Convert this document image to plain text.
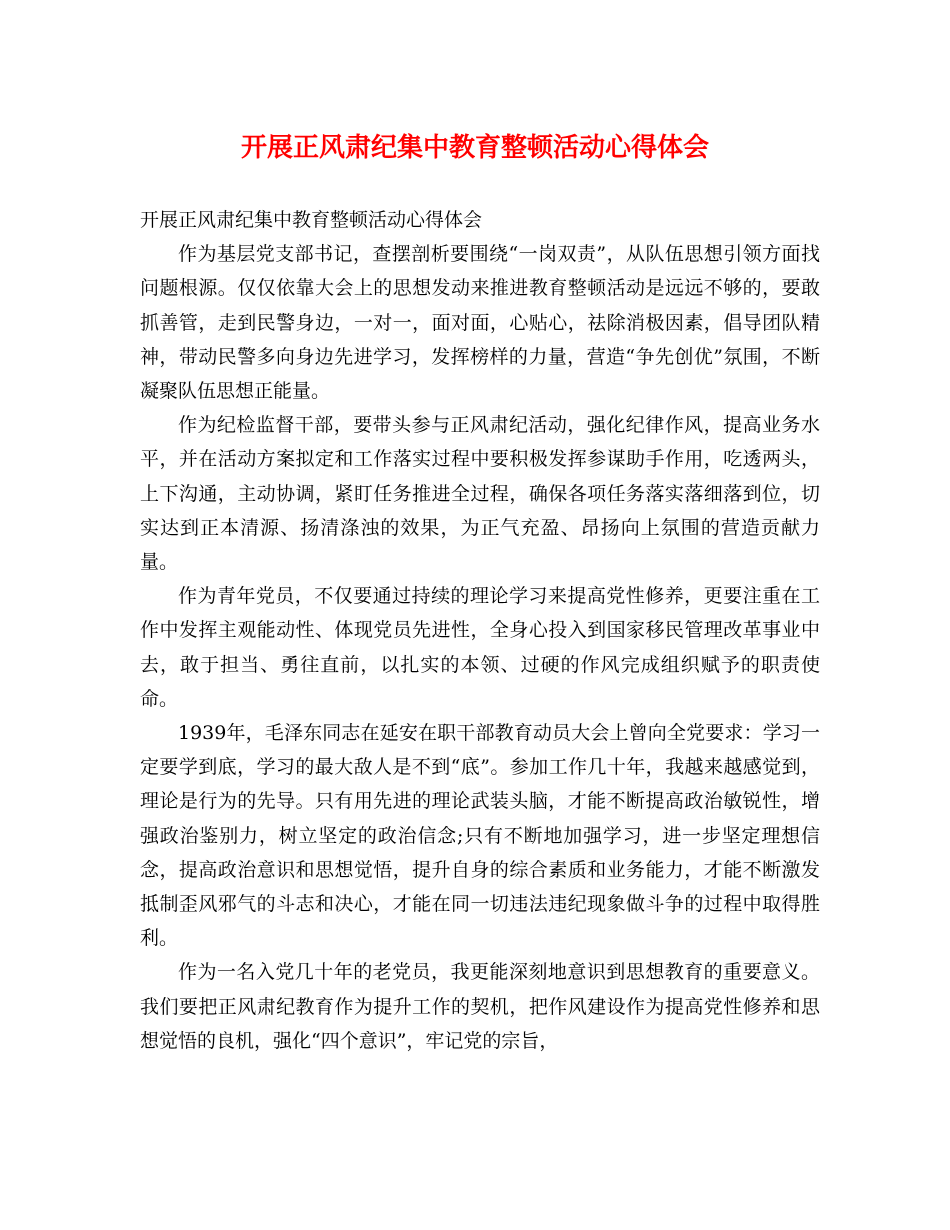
开展正风肃纪集中教育整顿活动心得体会

开展正风肃纪集中教育整顿活动心得体会

作为基层党支部书记，查摆剖析要围绕“一岗双责”，从队伍思想引领方面找问题根源。仅仅依靠大会上的思想发动来推进教育整顿活动是远远不够的，要敢抓善管，走到民警身边，一对一，面对面，心贴心，祛除消极因素，倡导团队精神，带动民警多向身边先进学习，发挥榜样的力量，营造“争先创优”氛围，不断凝聚队伍思想正能量。

作为纪检监督干部，要带头参与正风肃纪活动，强化纪律作风，提高业务水平，并在活动方案拟定和工作落实过程中要积极发挥参谋助手作用，吃透两头，上下沟通，主动协调，紧盯任务推进全过程，确保各项任务落实落细落到位，切实达到正本清源、扬清涤浊的效果，为正气充盈、昂扬向上氛围的营造贡献力量。

作为青年党员，不仅要通过持续的理论学习来提高党性修养，更要注重在工作中发挥主观能动性、体现党员先进性，全身心投入到国家移民管理改革事业中去，敢于担当、勇往直前，以扎实的本领、过硬的作风完成组织赋予的职责使命。

1939年，毛泽东同志在延安在职干部教育动员大会上曾向全党要求：学习一定要学到底，学习的最大敌人是不到“底”。参加工作几十年，我越来越感觉到，理论是行为的先导。只有用先进的理论武装头脑，才能不断提高政治敏锐性，增强政治鉴别力，树立坚定的政治信念;只有不断地加强学习，进一步坚定理想信念，提高政治意识和思想觉悟，提升自身的综合素质和业务能力，才能不断激发抵制歪风邪气的斗志和决心，才能在同一切违法违纪现象做斗争的过程中取得胜利。

作为一名入党几十年的老党员，我更能深刻地意识到思想教育的重要意义。我们要把正风肃纪教育作为提升工作的契机，把作风建设作为提高党性修养和思想觉悟的良机，强化“四个意识”，牢记党的宗旨，
